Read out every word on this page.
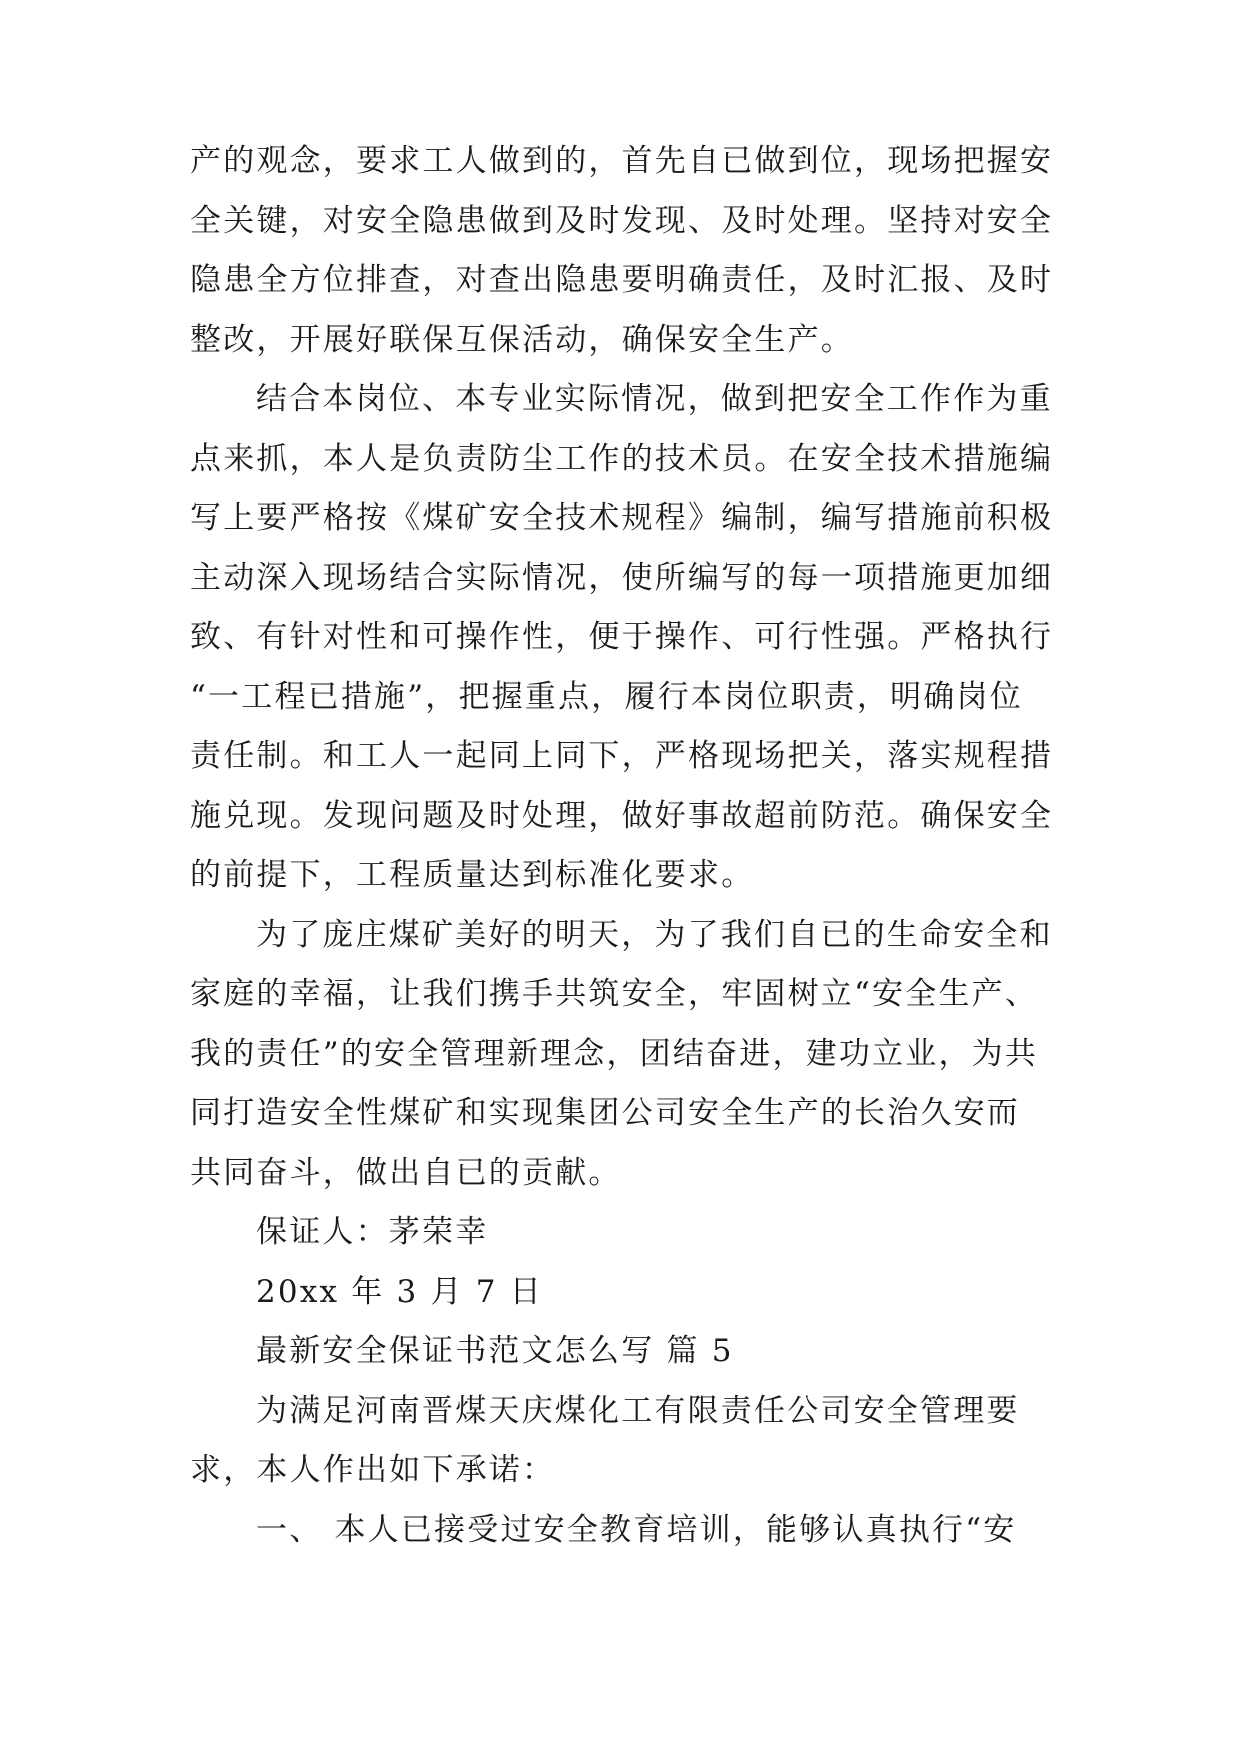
产的观念，要求工人做到的，首先自已做到位，现场把握安
全关键，对安全隐患做到及时发现、及时处理。坚持对安全
隐患全方位排查，对查出隐患要明确责任，及时汇报、及时
整改，开展好联保互保活动，确保安全生产。
结合本岗位、本专业实际情况，做到把安全工作作为重
点来抓，本人是负责防尘工作的技术员。在安全技术措施编
写上要严格按《煤矿安全技术规程》编制，编写措施前积极
主动深入现场结合实际情况，使所编写的每一项措施更加细
致、有针对性和可操作性，便于操作、可行性强。严格执行
“一工程已措施”，把握重点，履行本岗位职责，明确岗位
责任制。和工人一起同上同下，严格现场把关，落实规程措
施兑现。发现问题及时处理，做好事故超前防范。确保安全
的前提下，工程质量达到标准化要求。
为了庞庄煤矿美好的明天，为了我们自已的生命安全和
家庭的幸福，让我们携手共筑安全，牢固树立“安全生产、
我的责任”的安全管理新理念，团结奋进，建功立业，为共
同打造安全性煤矿和实现集团公司安全生产的长治久安而
共同奋斗，做出自已的贡献。
保证人：茅荣幸
20xx 年 3 月 7 日
最新安全保证书范文怎么写 篇 5
为满足河南晋煤天庆煤化工有限责任公司安全管理要
求，本人作出如下承诺：
一、 本人已接受过安全教育培训，能够认真执行“安
